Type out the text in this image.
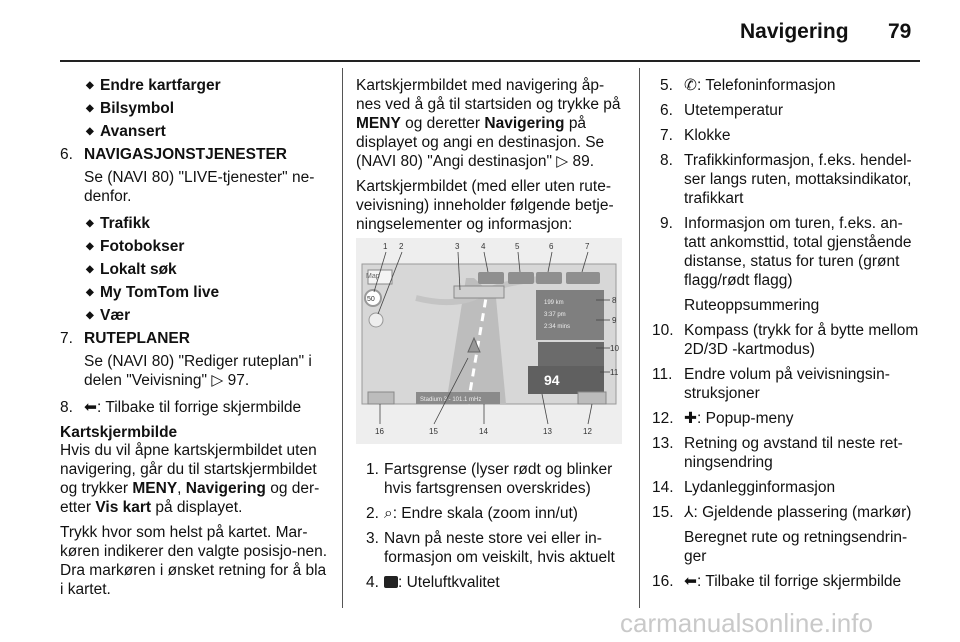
Navigering 79
◆ Endre kartfarger
◆ Bilsymbol
◆ Avansert
6. NAVIGASJONSTJENESTER
Se (NAVI 80) "LIVE-tjenester" ne-denfor.
◆ Trafikk
◆ Fotobokser
◆ Lokalt søk
◆ My TomTom live
◆ Vær
7. RUTEPLANER
Se (NAVI 80) "Rediger ruteplan" i delen "Veivisning" ▷ 97.
8. ⬅: Tilbake til forrige skjermbilde
Kartskjermbilde
Hvis du vil åpne kartskjermbildet uten navigering, går du til startskjermbildet og trykker MENY, Navigering og der-etter Vis kart på displayet.
Trykk hvor som helst på kartet. Mar-køren indikerer den valgte posisjo-nen. Dra markøren i ønsket retning for å bla i kartet.
Kartskjermbildet med navigering åp-nes ved å gå til startsiden og trykke på MENY og deretter Navigering på displayet og angi en destinasjon. Se (NAVI 80) "Angi destinasjon" ▷ 89.
Kartskjermbildet (med eller uten rute-veivisning) inneholder følgende betje-ningselementer og informasjon:
Map
50
94
199 km
3:37 pm
2:34 mins
Stadium 3 - 101.1 mHz
1 2	3	4	5	6	7
8
9
10
11
16	15	14	13	12
1. Fartsgrense (lyser rødt og blinker hvis fartsgrensen overskrides)
2. ⌕: Endre skala (zoom inn/ut)
3. Navn på neste store vei eller in-formasjon om veiskilt, hvis aktuelt
4. : Uteluftkvalitet
5. ✆: Telefoninformasjon
6. Utetemperatur
7. Klokke
8. Trafikkinformasjon, f.eks. hendel-ser langs ruten, mottaksindikator, trafikkart
9. Informasjon om turen, f.eks. an-tatt ankomsttid, total gjenstående distanse, status for turen (grønt flagg/rødt flagg)
Ruteoppsummering
10. Kompass (trykk for å bytte mellom 2D/3D -kartmodus)
11. Endre volum på veivisningsin-struksjoner
12. ✚: Popup-meny
13. Retning og avstand til neste ret-ningsendring
14. Lydanlegginformasjon
15. ⅄: Gjeldende plassering (markør)
Beregnet rute og retningsendrin-ger
16. ⬅: Tilbake til forrige skjermbilde
carmanualsonline.info
